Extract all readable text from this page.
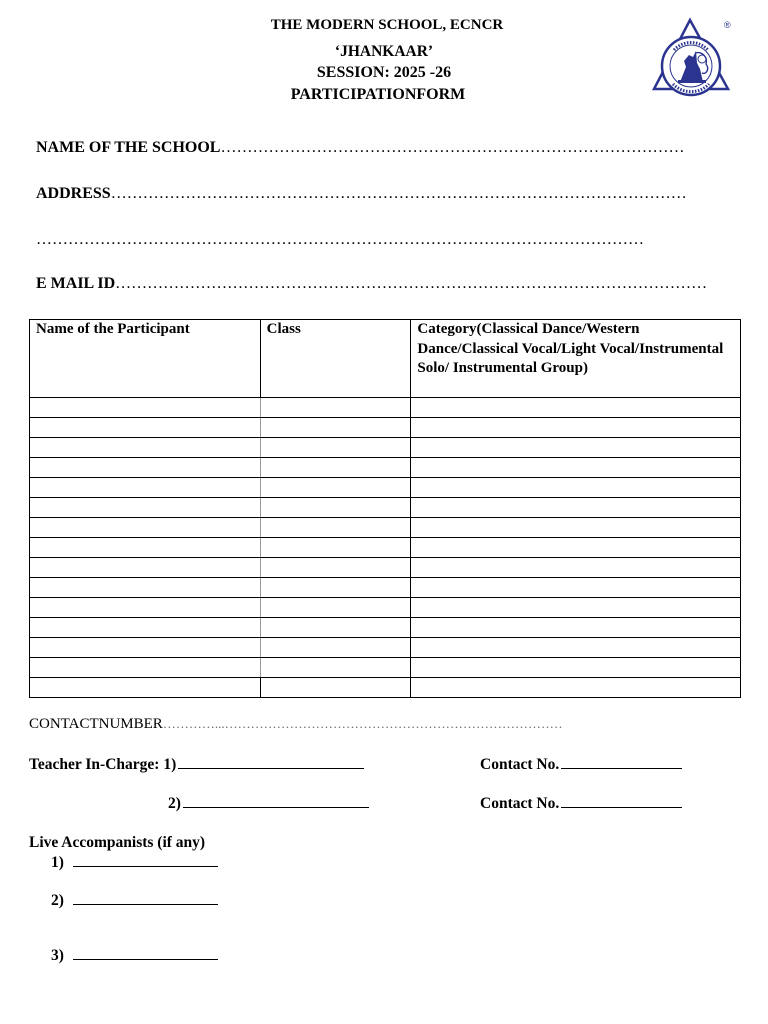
THE MODERN SCHOOL, ECNCR
‘JHANKAAR’
SESSION: 2025 -26
PARTICIPATIONFORM
®
NAME OF THE SCHOOL……………………………………………………………………………
ADDRESS………………………………………………………………………………………………
……………………………………………………………………………………………………
E MAIL ID…………………………………………………………………………………………………
Name of the Participant	Class	Category(Classical Dance/Western Dance/Classical Vocal/Light Vocal/Instrumental Solo/ Instrumental Group)

CONTACTNUMBER…………...……………………………………………………………………
Teacher In-Charge: 1)	Contact No.
2)	Contact No.
Live Accompanists (if any)
1)
2)
3)
